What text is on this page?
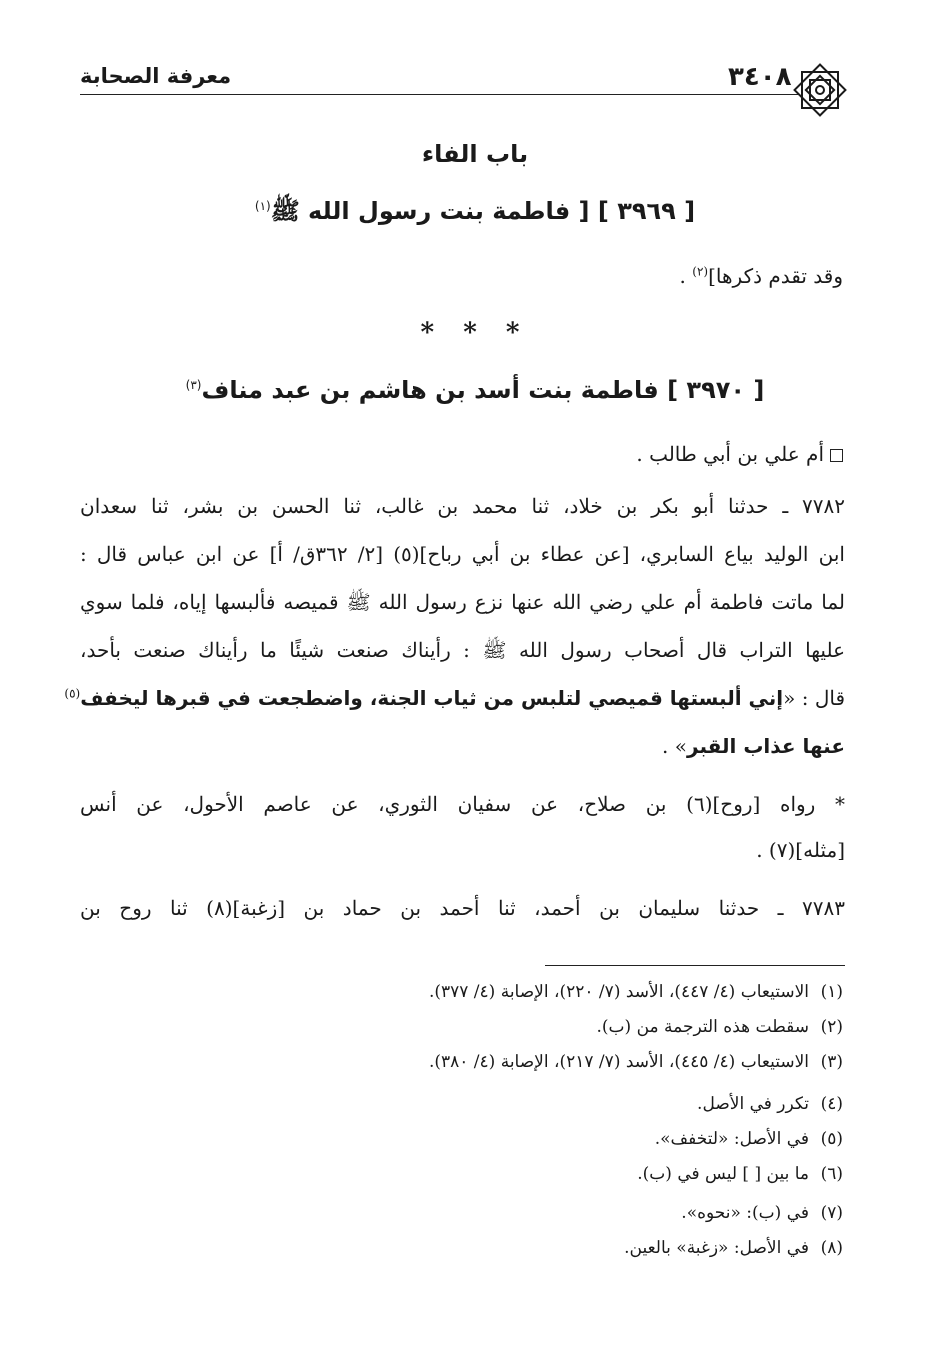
معرفة الصحابة	٣٤٠٨
باب الفاء
[ ٣٩٦٩ ] [ فاطمة بنت رسول الله ﷺ$^{(١)}$
وقد تقدم ذكرها]$^{(٢)}$ .
* * *
[ ٣٩٧٠ ] فاطمة بنت أسد بن هاشم بن عبد مناف$^{(٣)}$
أم علي بن أبي طالب .
٧٧٨٢ ـ حدثنا أبو بكر بن خلاد، ثنا محمد بن غالب، ثنا الحسن بن بشر، ثنا سعدان
ابن الوليد بياع السابري، [عن عطاء بن أبي رباح](٥) [٢/ ٣٦٢ق/ أ] عن ابن عباس قال :
لما ماتت فاطمة أم علي رضي الله عنها نزع رسول الله ﷺ قميصه فألبسها إياه، فلما سوي
عليها التراب قال أصحاب رسول الله ﷺ : رأيناك صنعت شيئًا ما رأيناك صنعت بأحد،
قال : «إني ألبستها قميصي لتلبس من ثياب الجنة، واضطجعت في قبرها ليخفف$^{(٥)}$
عنها عذاب القبر» .
* رواه [روح](٦) بن صلاح، عن سفيان الثوري، عن عاصم الأحول، عن أنس
[مثله](٧) .
٧٧٨٣ ـ حدثنا سليمان بن أحمد، ثنا أحمد بن حماد بن [زغبة](٨) ثنا روح بن
(١)الاستيعاب (٤/ ٤٤٧)، الأسد (٧/ ٢٢٠)، الإصابة (٤/ ٣٧٧).
(٢)سقطت هذه الترجمة من (ب).
(٣)الاستيعاب (٤/ ٤٤٥)، الأسد (٧/ ٢١٧)، الإصابة (٤/ ٣٨٠).
(٤)تكرر في الأصل.
(٥)في الأصل: «لتخفف».
(٦)ما بين [ ] ليس في (ب).
(٧)في (ب): «نحوه».
(٨)في الأصل: «زغبة» بالعين.
